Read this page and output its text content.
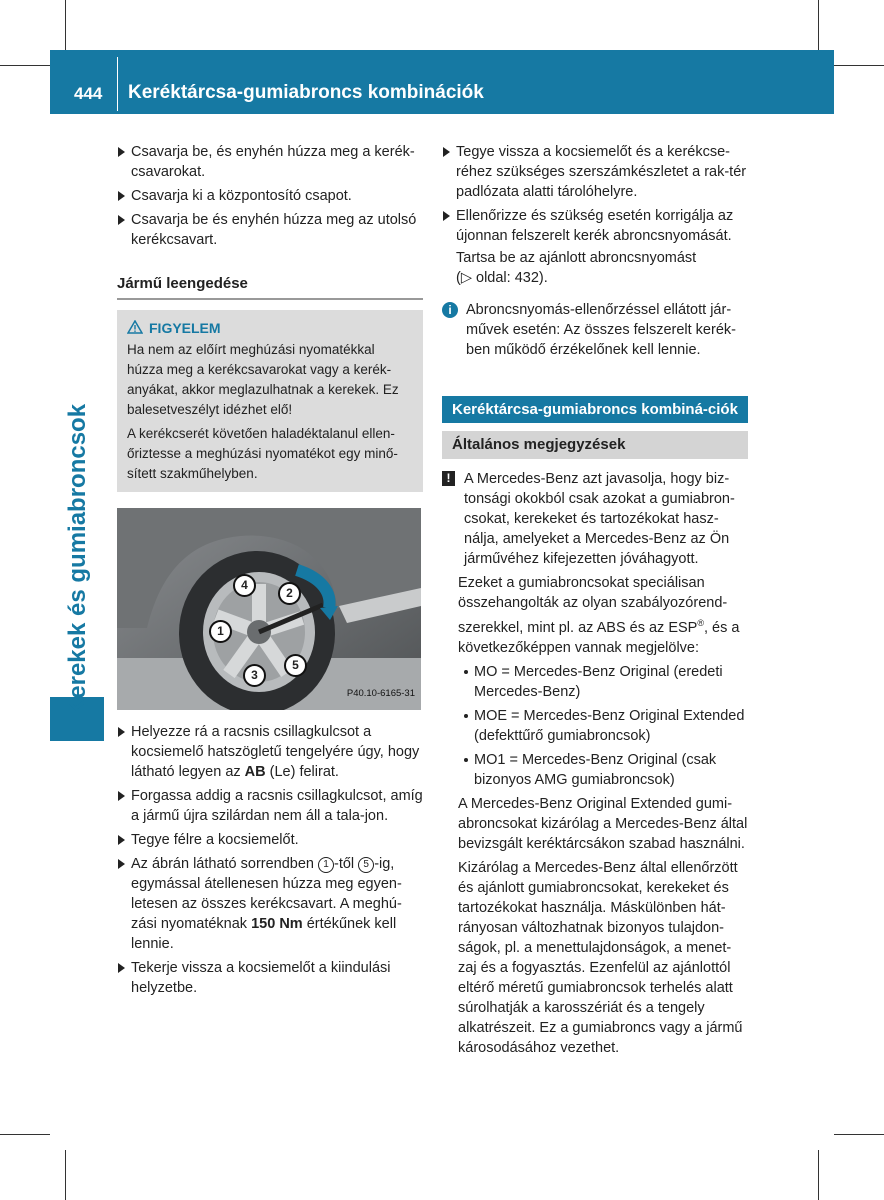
444 Keréktárcsa-gumiabroncs kombinációk
Kerekek és gumiabroncsok
Csavarja be, és enyhén húzza meg a kerék-csavarokat.
Csavarja ki a központosító csapot.
Csavarja be és enyhén húzza meg az utolsó kerékcsavart.
Jármű leengedése
FIGYELEM

Ha nem az előírt meghúzási nyomatékkal húzza meg a kerékcsavarokat vagy a kerék-anyákat, akkor meglazulhatnak a kerekek. Ez balesetveszélyt idézhet elő!

A kerékcserét követően haladéktalanul ellen-őriztesse a meghúzási nyomatékot egy minő-sített szakműhelyben.

4
2
1
5
3
P40.10-6165-31
Helyezze rá a racsnis csillagkulcsot a kocsiemelő hatszögletű tengelyére úgy, hogy látható legyen az AB (Le) felirat.
Forgassa addig a racsnis csillagkulcsot, amíg a jármű újra szilárdan nem áll a tala-jon.
Tegye félre a kocsiemelőt.
Az ábrán látható sorrendben 1 -től 5 -ig, egymással átellenesen húzza meg egyen-letesen az összes kerékcsavart. A meghú-zási nyomatéknak 150 Nm értékűnek kell lennie.
Tekerje vissza a kocsiemelőt a kiindulási helyzetbe.
Tegye vissza a kocsiemelőt és a kerékcse-réhez szükséges szerszámkészletet a rak-tér padlózata alatti tárolóhelyre.
Ellenőrizze és szükség esetén korrigálja az újonnan felszerelt kerék abroncsnyomását.
Tartsa be az ajánlott abroncsnyomást
(▷ oldal: 432).
i Abroncsnyomás-ellenőrzéssel ellátott jár-művek esetén: Az összes felszerelt kerék-ben működő érzékelőnek kell lennie.
Keréktárcsa-gumiabroncs kombiná-ciók
Általános megjegyzések
! A Mercedes-Benz azt javasolja, hogy biz-tonsági okokból csak azokat a gumiabron-csokat, kerekeket és tartozékokat hasz-nálja, amelyeket a Mercedes-Benz az Ön járművéhez kifejezetten jóváhagyott.

Ezeket a gumiabroncsokat speciálisan összehangolták az olyan szabályozórend-szerekkel, mint pl. az ABS és az ESP®, és a következőképpen vannak megjelölve:

MO = Mercedes-Benz Original (eredeti Mercedes-Benz)
MOE = Mercedes-Benz Original Extended (defekttűrő gumiabroncsok)
MO1 = Mercedes-Benz Original (csak bizonyos AMG gumiabroncsok)

A Mercedes-Benz Original Extended gumi-abroncsokat kizárólag a Mercedes-Benz által bevizsgált keréktárcsákon szabad használni.

Kizárólag a Mercedes-Benz által ellenőrzött és ajánlott gumiabroncsokat, kerekeket és tartozékokat használja. Máskülönben hát-rányosan változhatnak bizonyos tulajdon-ságok, pl. a menettulajdonságok, a menet-zaj és a fogyasztás. Ezenfelül az ajánlottól eltérő méretű gumiabroncsok terhelés alatt súrolhatják a karosszériát és a tengely alkatrészeit. Ez a gumiabroncs vagy a jármű károsodásához vezethet.
